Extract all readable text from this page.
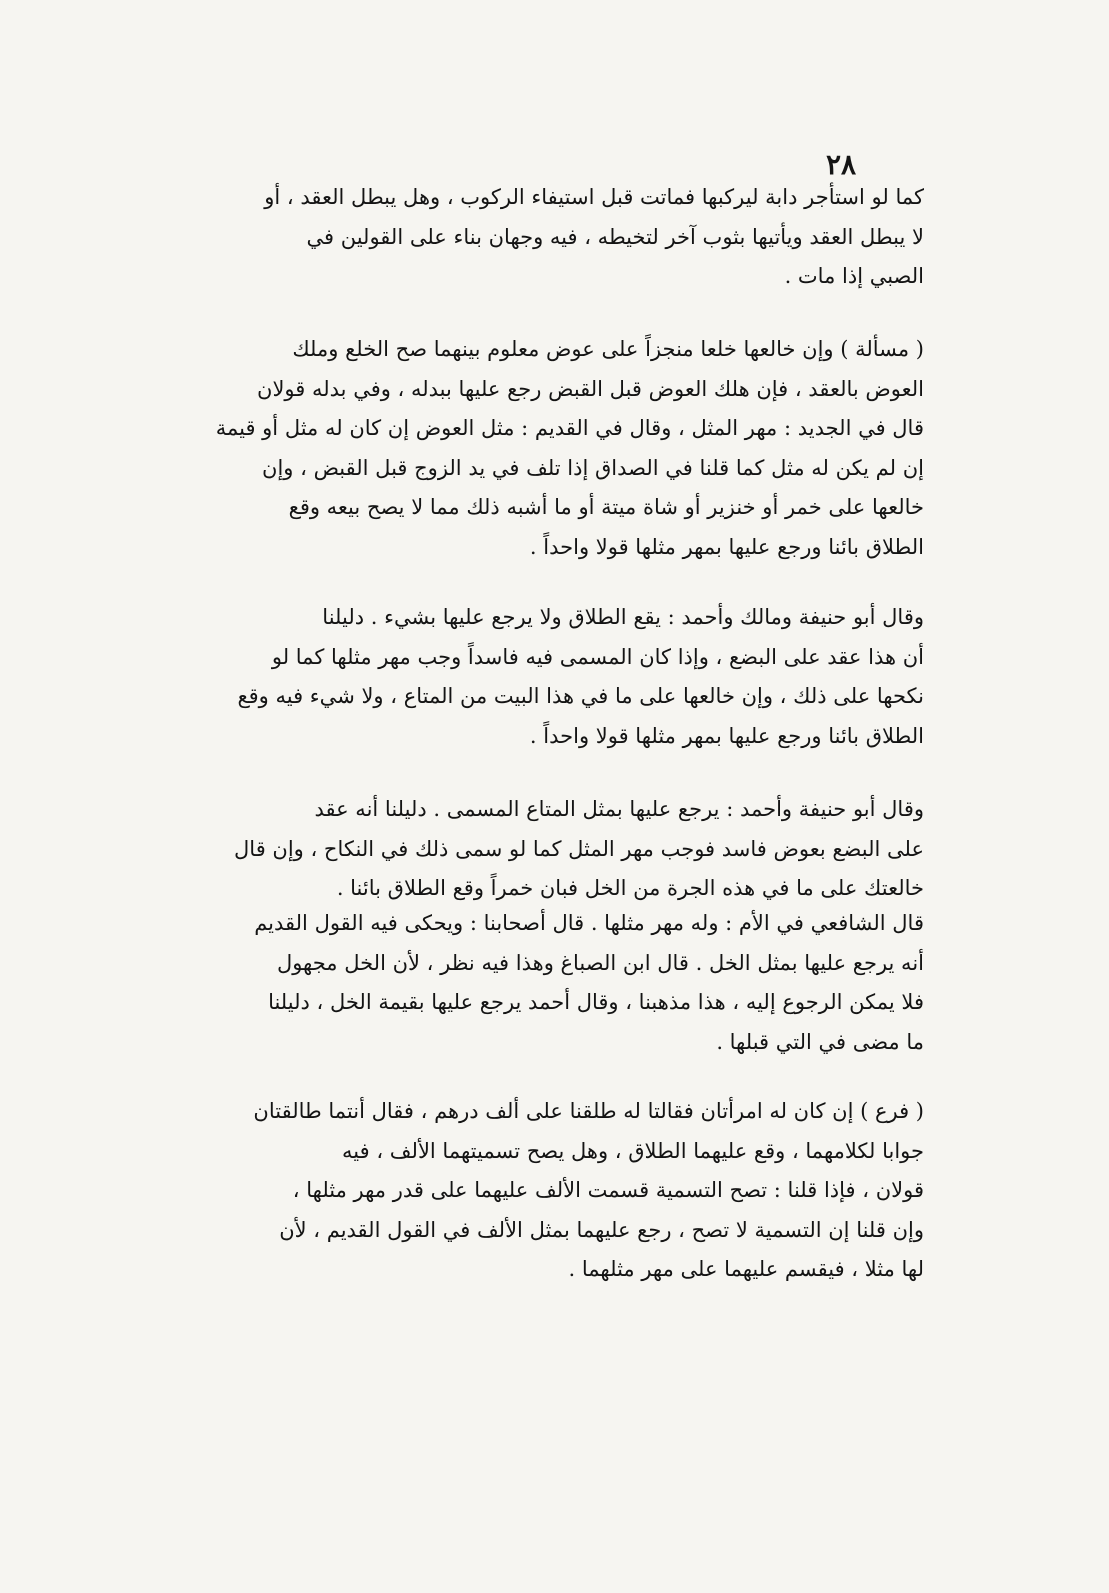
٢٨
كما لو استأجر دابة ليركبها فماتت قبل استيفاء الركوب ، وهل يبطل العقد ، أو
لا يبطل العقد ويأتيها بثوب آخر لتخيطه ، فيه وجهان بناء على القولين في
الصبي إذا مات .
( مسألة ) وإن خالعها خلعا منجزاً على عوض معلوم بينهما صح الخلع وملك
العوض بالعقد ، فإن هلك العوض قبل القبض رجع عليها ببدله ، وفي بدله قولان
قال في الجديد : مهر المثل ، وقال في القديم : مثل العوض إن كان له مثل أو قيمة
إن لم يكن له مثل كما قلنا في الصداق إذا تلف في يد الزوج قبل القبض ، وإن
خالعها على خمر أو خنزير أو شاة ميتة أو ما أشبه ذلك مما لا يصح بيعه وقع
الطلاق بائنا ورجع عليها بمهر مثلها قولا واحداً .
وقال أبو حنيفة ومالك وأحمد : يقع الطلاق ولا يرجع عليها بشيء . دليلنا
أن هذا عقد على البضع ، وإذا كان المسمى فيه فاسداً وجب مهر مثلها كما لو
نكحها على ذلك ، وإن خالعها على ما في هذا البيت من المتاع ، ولا شيء فيه وقع
الطلاق بائنا ورجع عليها بمهر مثلها قولا واحداً .
وقال أبو حنيفة وأحمد : يرجع عليها بمثل المتاع المسمى . دليلنا أنه عقد
على البضع بعوض فاسد فوجب مهر المثل كما لو سمى ذلك في النكاح ، وإن قال
خالعتك على ما في هذه الجرة من الخل فبان خمراً وقع الطلاق بائنا .
قال الشافعي في الأم : وله مهر مثلها . قال أصحابنا : ويحكى فيه القول القديم
أنه يرجع عليها بمثل الخل . قال ابن الصباغ وهذا فيه نظر ، لأن الخل مجهول
فلا يمكن الرجوع إليه ، هذا مذهبنا ، وقال أحمد يرجع عليها بقيمة الخل ، دليلنا
ما مضى في التي قبلها .
( فرع ) إن كان له امرأتان فقالتا له طلقنا على ألف درهم ، فقال أنتما طالقتان
جوابا لكلامهما ، وقع عليهما الطلاق ، وهل يصح تسميتهما الألف ، فيه
قولان ، فإذا قلنا : تصح التسمية قسمت الألف عليهما على قدر مهر مثلها ،
وإن قلنا إن التسمية لا تصح ، رجع عليهما بمثل الألف في القول القديم ، لأن
لها مثلا ، فيقسم عليهما على مهر مثلهما .
